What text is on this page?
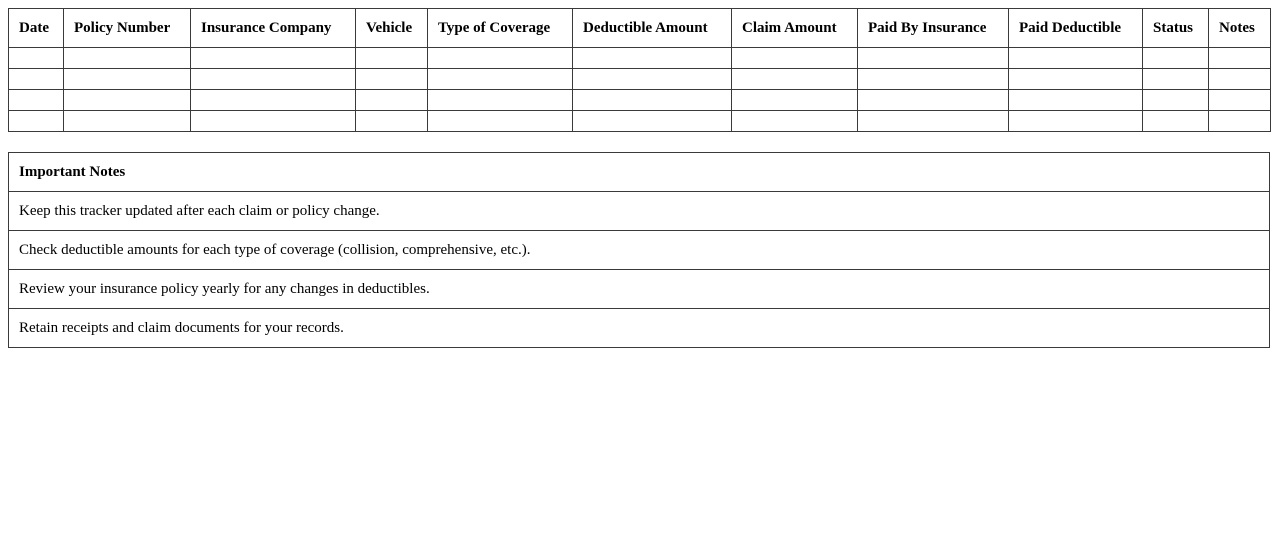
Date	Policy Number	Insurance Company	Vehicle	Type of Coverage	Deductible Amount	Claim Amount	Paid By Insurance	Paid Deductible	Status	Notes

Important Notes
Keep this tracker updated after each claim or policy change.
Check deductible amounts for each type of coverage (collision, comprehensive, etc.).
Review your insurance policy yearly for any changes in deductibles.
Retain receipts and claim documents for your records.
